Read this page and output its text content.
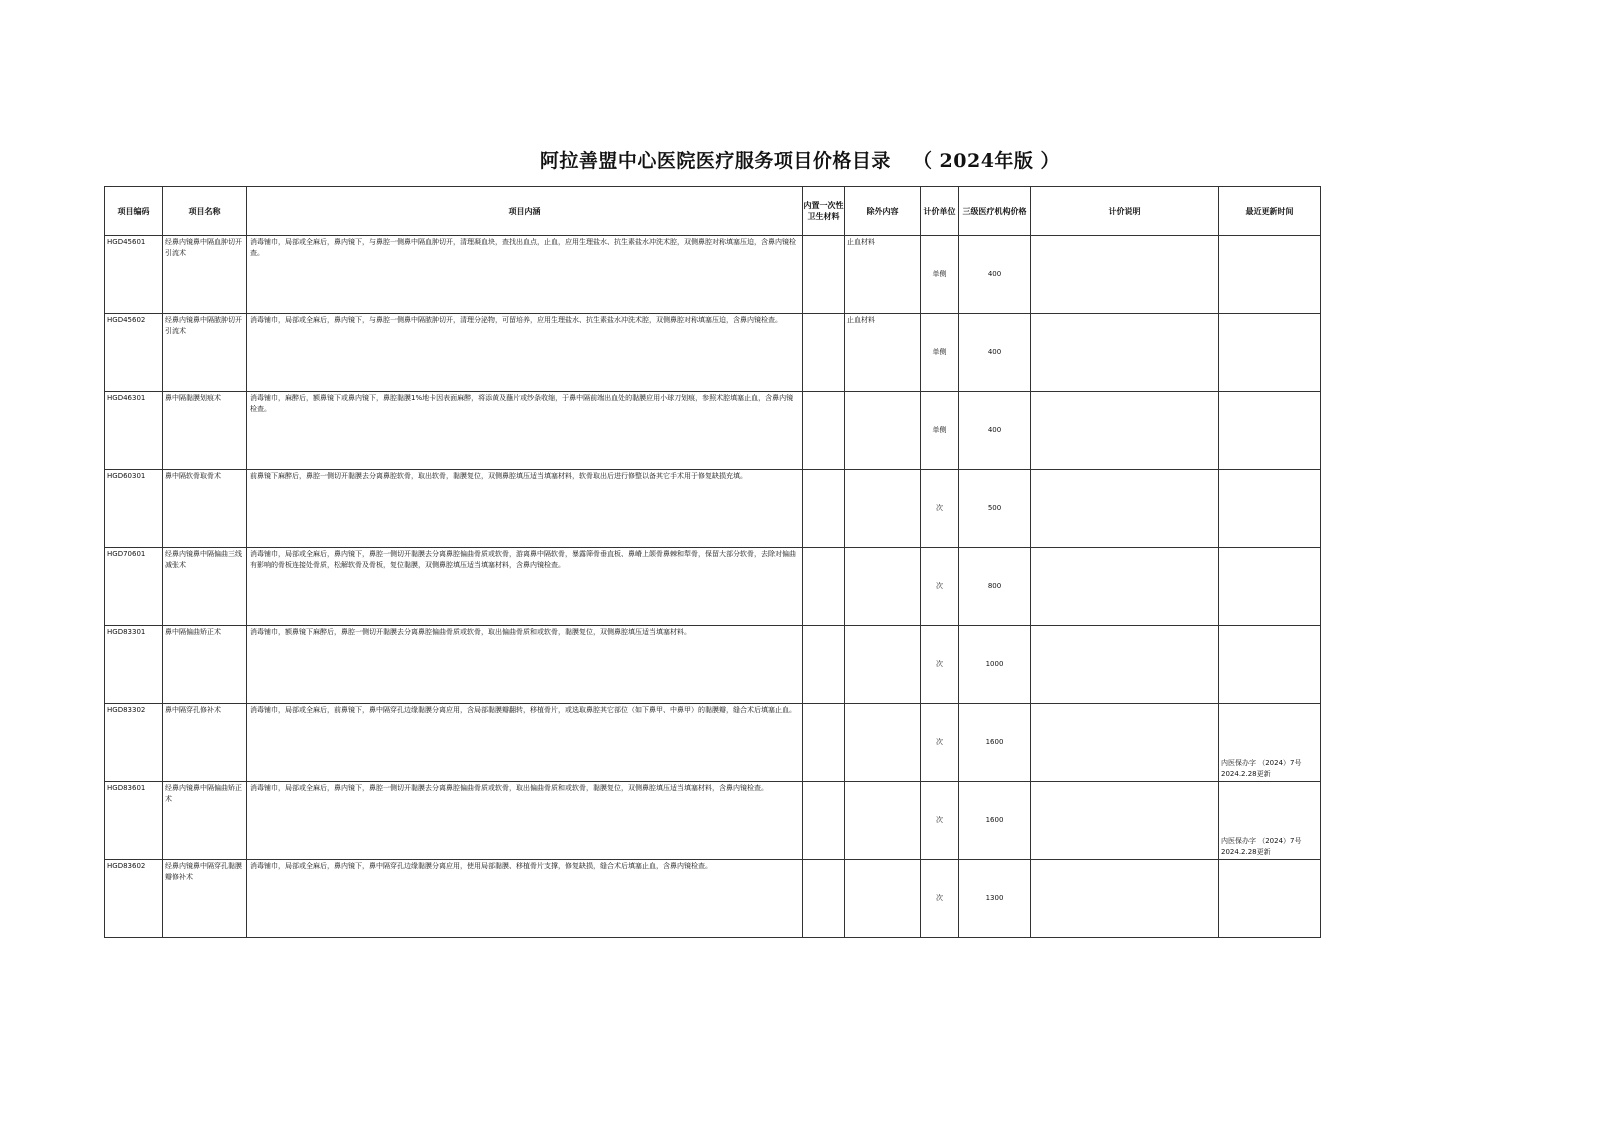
阿拉善盟中心医院医疗服务项目价格目录 （ 2024年版 ）
项目编码	项目名称	项目内涵	内置一次性卫生材料	除外内容	计价单位	三级医疗机构价格	计价说明	最近更新时间
HGD45601	经鼻内镜鼻中隔血肿切开引流术	消毒铺巾，局部或全麻后，鼻内镜下，与鼻腔一侧鼻中隔血肿切开，清理凝血块，查找出血点，止血，应用生理盐水、抗生素盐水冲洗术腔，双侧鼻腔对称填塞压迫，含鼻内镜检查。		止血材料	单侧	400		
HGD45602	经鼻内镜鼻中隔脓肿切开引流术	消毒铺巾，局部或全麻后，鼻内镜下，与鼻腔一侧鼻中隔脓肿切开，清理分泌物，可留培养，应用生理盐水、抗生素盐水冲洗术腔，双侧鼻腔对称填塞压迫，含鼻内镜检查。		止血材料	单侧	400		
HGD46301	鼻中隔黏膜划痕术	消毒铺巾，麻醉后，额鼻镜下或鼻内镜下，鼻腔黏膜1%地卡因表面麻醉，将添黄及蘸片或纱条收缩，于鼻中隔前端出血处的黏膜应用小球刀划痕，参照术腔填塞止血，含鼻内镜检查。			单侧	400		
HGD60301	鼻中隔软骨取骨术	前鼻镜下麻醉后，鼻腔一侧切开黏膜去分离鼻腔软骨，取出软骨，黏膜复位，双侧鼻腔填压适当填塞材料，软骨取出后进行修整以备其它手术用于修复缺损充填。			次	500		
HGD70601	经鼻内镜鼻中隔偏曲三线减张术	消毒铺巾，局部或全麻后，鼻内镜下，鼻腔一侧切开黏膜去分离鼻腔偏曲骨质或软骨，游离鼻中隔软骨，暴露筛骨垂直板、鼻嵴上颌骨鼻棘和犁骨，保留大部分软骨，去除对偏曲有影响的骨板连接处骨质，松解软骨及骨板，复位黏膜，双侧鼻腔填压适当填塞材料，含鼻内镜检查。			次	800		
HGD83301	鼻中隔偏曲矫正术	消毒铺巾，额鼻镜下麻醉后，鼻腔一侧切开黏膜去分离鼻腔偏曲骨质或软骨，取出偏曲骨质和或软骨，黏膜复位，双侧鼻腔填压适当填塞材料。			次	1000		
HGD83302	鼻中隔穿孔修补术	消毒铺巾，局部或全麻后，前鼻镜下，鼻中隔穿孔边缘黏膜分离应用，含局部黏膜瓣翻转，移植骨片，或选取鼻腔其它部位（如下鼻甲、中鼻甲）的黏膜瓣，缝合术后填塞止血。			次	1600		内医保办字 （2024）7号 2024.2.28更新
HGD83601	经鼻内镜鼻中隔偏曲矫正术	消毒铺巾，局部或全麻后，鼻内镜下，鼻腔一侧切开黏膜去分离鼻腔偏曲骨质或软骨，取出偏曲骨质和或软骨，黏膜复位，双侧鼻腔填压适当填塞材料，含鼻内镜检查。			次	1600		内医保办字 （2024）7号 2024.2.28更新
HGD83602	经鼻内镜鼻中隔穿孔黏膜瓣修补术	消毒铺巾，局部或全麻后，鼻内镜下，鼻中隔穿孔边缘黏膜分离应用，使用局部黏膜、移植骨片支撑，修复缺损，缝合术后填塞止血，含鼻内镜检查。			次	1300		
